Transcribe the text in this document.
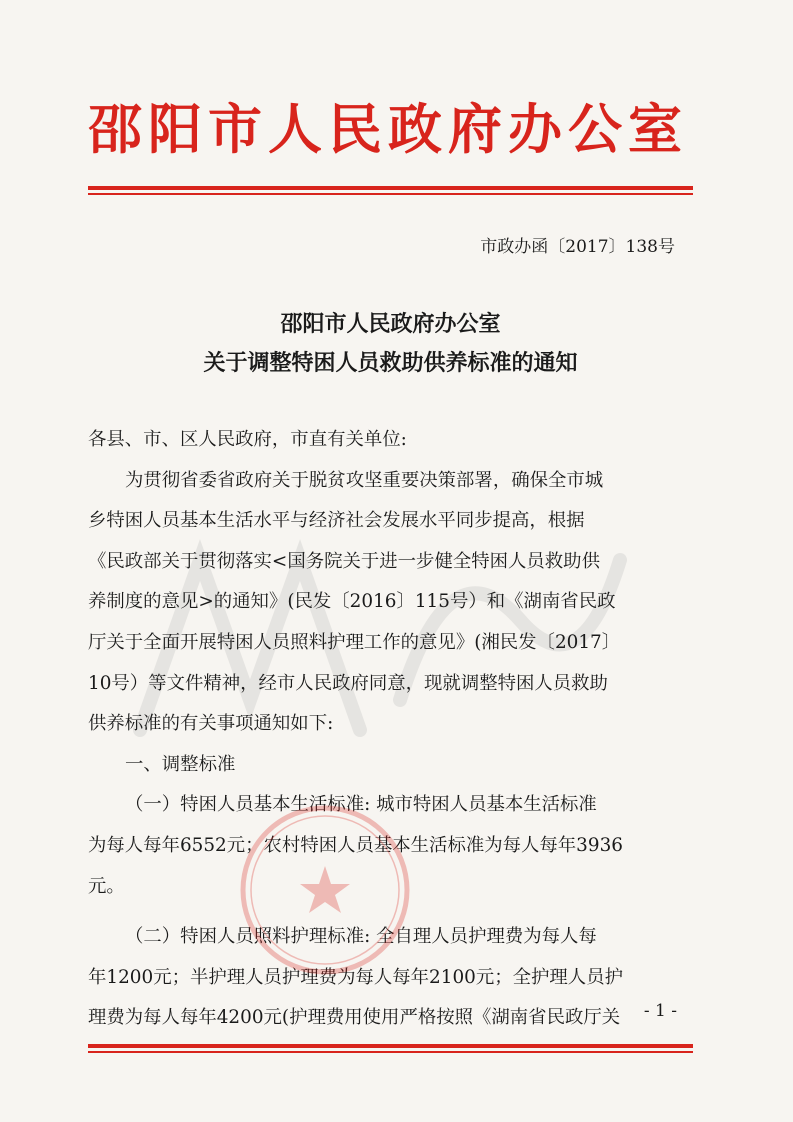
邵阳市人民政府办公室
市政办函〔2017〕138号
邵阳市人民政府办公室
关于调整特困人员救助供养标准的通知
各县、市、区人民政府，市直有关单位:
为贯彻省委省政府关于脱贫攻坚重要决策部署，确保全市城
乡特困人员基本生活水平与经济社会发展水平同步提高，根据
《民政部关于贯彻落实<国务院关于进一步健全特困人员救助供
养制度的意见>的通知》(民发〔2016〕115号）和《湖南省民政
厅关于全面开展特困人员照料护理工作的意见》(湘民发〔2017〕
10号）等文件精神，经市人民政府同意，现就调整特困人员救助
供养标准的有关事项通知如下:
一、调整标准
（一）特困人员基本生活标准: 城市特困人员基本生活标准
为每人每年6552元；农村特困人员基本生活标准为每人每年3936
元。
（二）特困人员照料护理标准: 全自理人员护理费为每人每
年1200元；半护理人员护理费为每人每年2100元；全护理人员护
理费为每人每年4200元(护理费用使用严格按照《湖南省民政厅关	- 1 -
